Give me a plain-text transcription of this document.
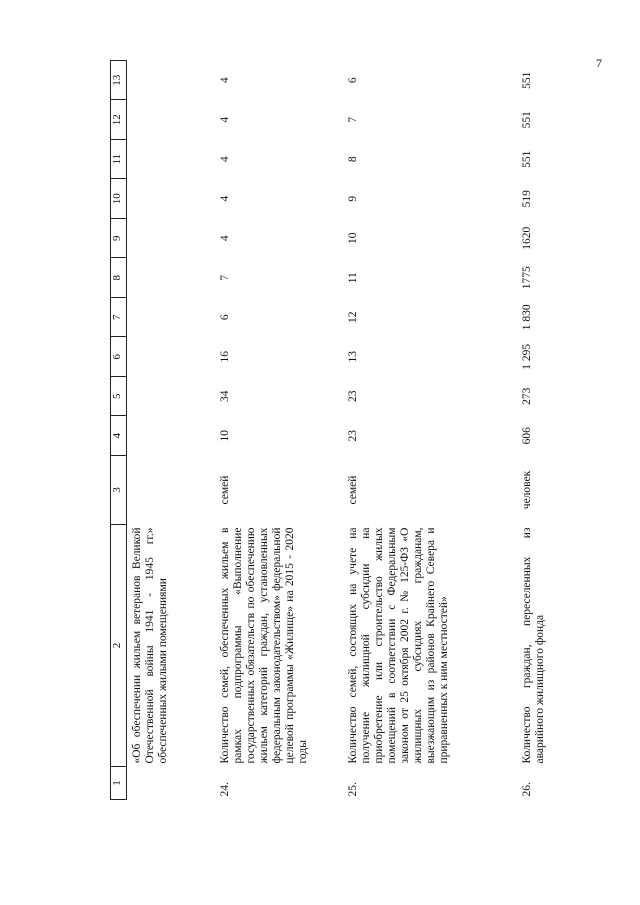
7
1	2	3	4	5	6	7	8	9	10	11	12	13
	«Об обеспечении жильем ветеранов Великой Отечественной войны 1941 - 1945 гг.» обеспеченных жилыми помещениями											
24.	Количество семей, обеспеченных жильем в рамках подпрограммы «Выполнение государственных обязательств по обеспечению жильем категорий граждан, установленных федеральным законодательством» федеральной целевой программы «Жилище» на 2015 - 2020 годы	семей	10	34	16	6	7	4	4	4	4	4
25.	Количество семей, состоящих на учете на получение жилищной субсидии на приобретение или строительство жилых помещений в соответствии с Федеральным законом от 25 октября 2002 г. № 125-ФЗ «О жилищных субсидиях гражданам, выезжающим из районов Крайнего Севера и приравненных к ним местностей»	семей	23	23	13	12	11	10	9	8	7	6
26.	Количество граждан, переселенных из аварийного жилищного фонда	человек	606	273	1 295	1 830	1775	1620	519	551	551	551
